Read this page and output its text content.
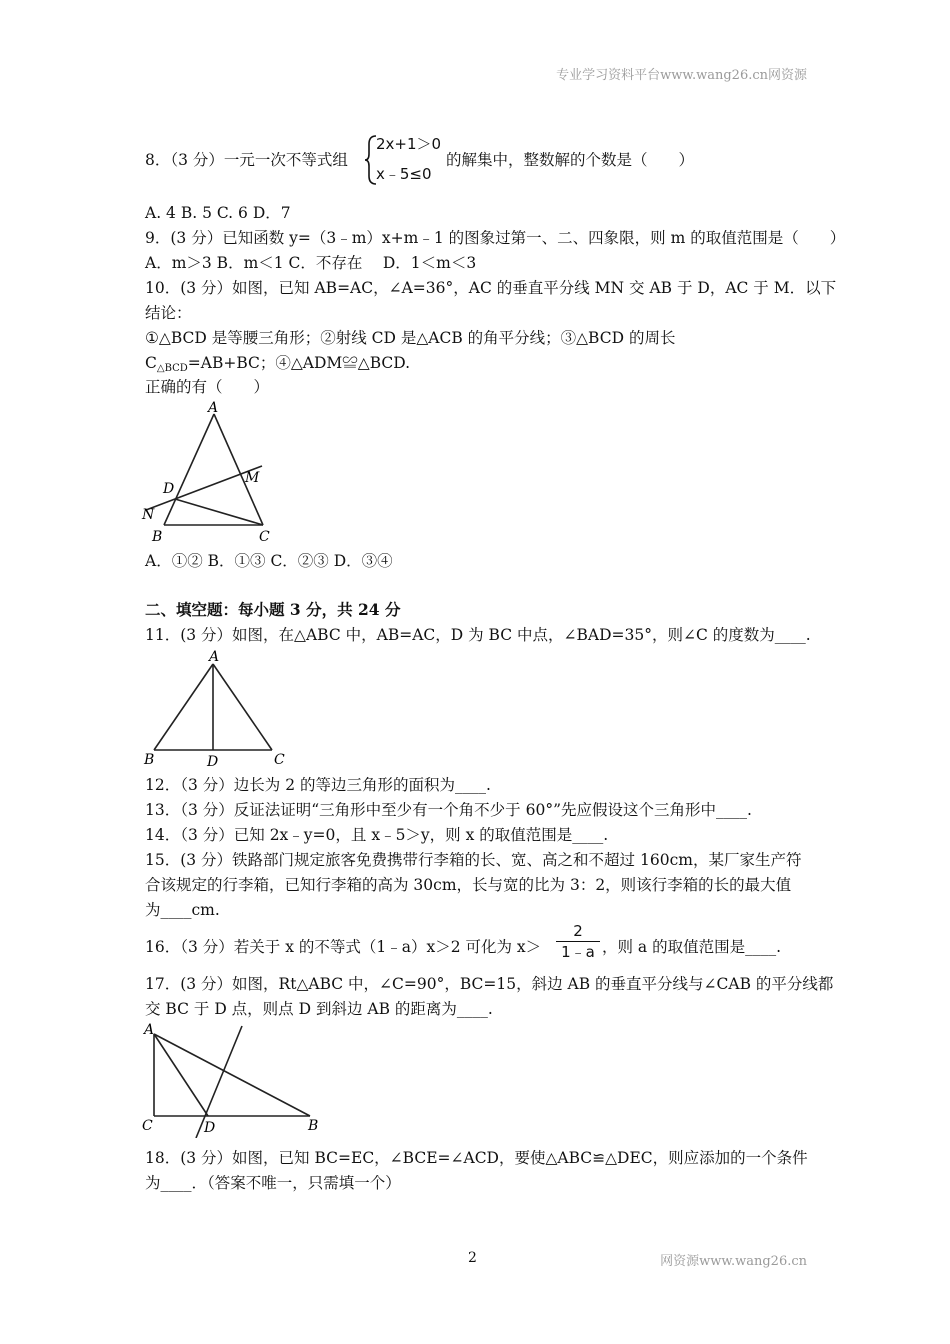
专业学习资料平台www.wang26.cn网资源
8．（3 分）一元一次不等式组
2x+1＞0
x﹣5≤0
的解集中，整数解的个数是（　　）
A. 4 B. 5 C. 6 D．7
9．(3 分）已知函数 y=（3﹣m）x+m﹣1 的图象过第一、二、四象限，则 m 的取值范围是（　　）
A．m＞3 B．m＜1 C．不存在　 D．1＜m＜3
10．(3 分）如图，已知 AB=AC，∠A=36°，AC 的垂直平分线 MN 交 AB 于 D，AC 于 M．以下
结论：
①△BCD 是等腰三角形；②射线 CD 是△ACB 的角平分线；③△BCD 的周长
$C_{\triangle BCD}=AB+BC$；④△ADM≌△BCD.
正确的有（　　）
A
D
M
N
B	C
A．①② B．①③ C．②③ D．③④
二、填空题：每小题 3 分，共 24 分
11．(3 分）如图，在△ABC 中，AB=AC，D 为 BC 中点，∠BAD=35°，则∠C 的度数为____.
A
B	D	C
12．（3 分）边长为 2 的等边三角形的面积为____.
13．（3 分）反证法证明“三角形中至少有一个角不少于 60°”先应假设这个三角形中____.
14．（3 分）已知 2x﹣y=0，且 x﹣5＞y，则 x 的取值范围是____.
15．(3 分）铁路部门规定旅客免费携带行李箱的长、宽、高之和不超过 160cm，某厂家生产符
合该规定的行李箱，已知行李箱的高为 30cm，长与宽的比为 3：2，则该行李箱的长的最大值
为____cm.
16．（3 分）若关于 x 的不等式（1﹣a）x＞2 可化为 x＞
2
1﹣a ，则 a 的取值范围是____.
17．(3 分）如图，Rt△ABC 中，∠C=90°，BC=15，斜边 AB 的垂直平分线与∠CAB 的平分线都
交 BC 于 D 点，则点 D 到斜边 AB 的距离为____.
A
C	D	B
18．(3 分）如图，已知 BC=EC，∠BCE=∠ACD，要使△ABC≌△DEC，则应添加的一个条件
为____．（答案不唯一，只需填一个）
2	网资源www.wang26.cn
